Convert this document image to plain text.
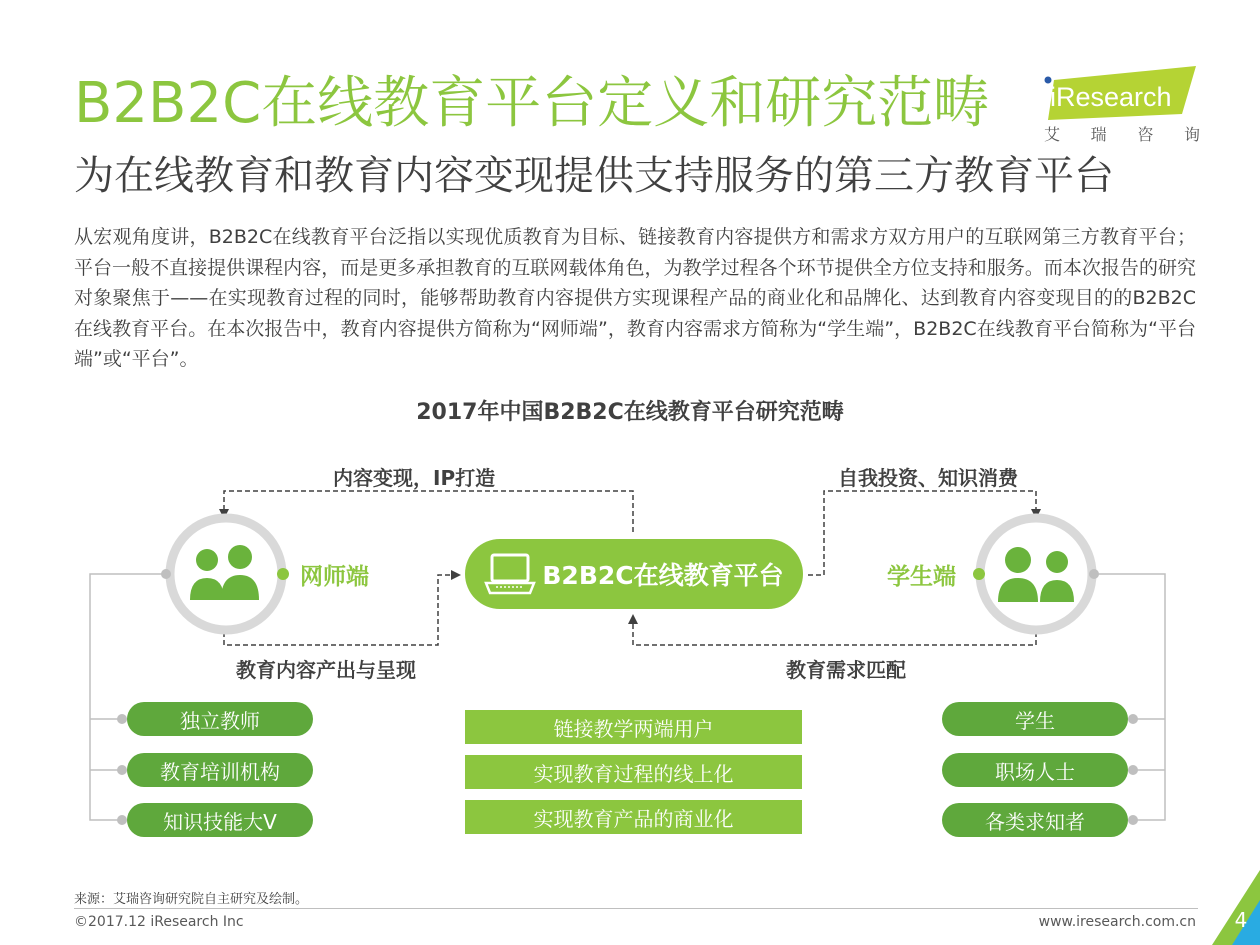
B2B2C在线教育平台定义和研究范畴
为在线教育和教育内容变现提供支持服务的第三方教育平台
iResearch
艾 瑞 咨 询

从宏观角度讲，B2B2C在线教育平台泛指以实现优质教育为目标、链接教育内容提供方和需求方双方用户的互联网第三方教育平台；平台一般不直接提供课程内容，而是更多承担教育的互联网载体角色，为教学过程各个环节提供全方位支持和服务。而本次报告的研究对象聚焦于——在实现教育过程的同时，能够帮助教育内容提供方实现课程产品的商业化和品牌化、达到教育内容变现目的的B2B2C在线教育平台。在本次报告中，教育内容提供方简称为“网师端”，教育内容需求方简称为“学生端”，B2B2C在线教育平台简称为“平台端”或“平台”。

2017年中国B2B2C在线教育平台研究范畴
内容变现，IP打造	自我投资、知识消费
教育内容产出与呈现	教育需求匹配
B2B2C在线教育平台
网师端	学生端
独立教师
教育培训机构
知识技能大V
学生
职场人士
各类求知者
链接教学两端用户
实现教育过程的线上化
实现教育产品的商业化
来源：艾瑞咨询研究院自主研究及绘制。
©2017.12 iResearch Inc	www.iresearch.com.cn	4
